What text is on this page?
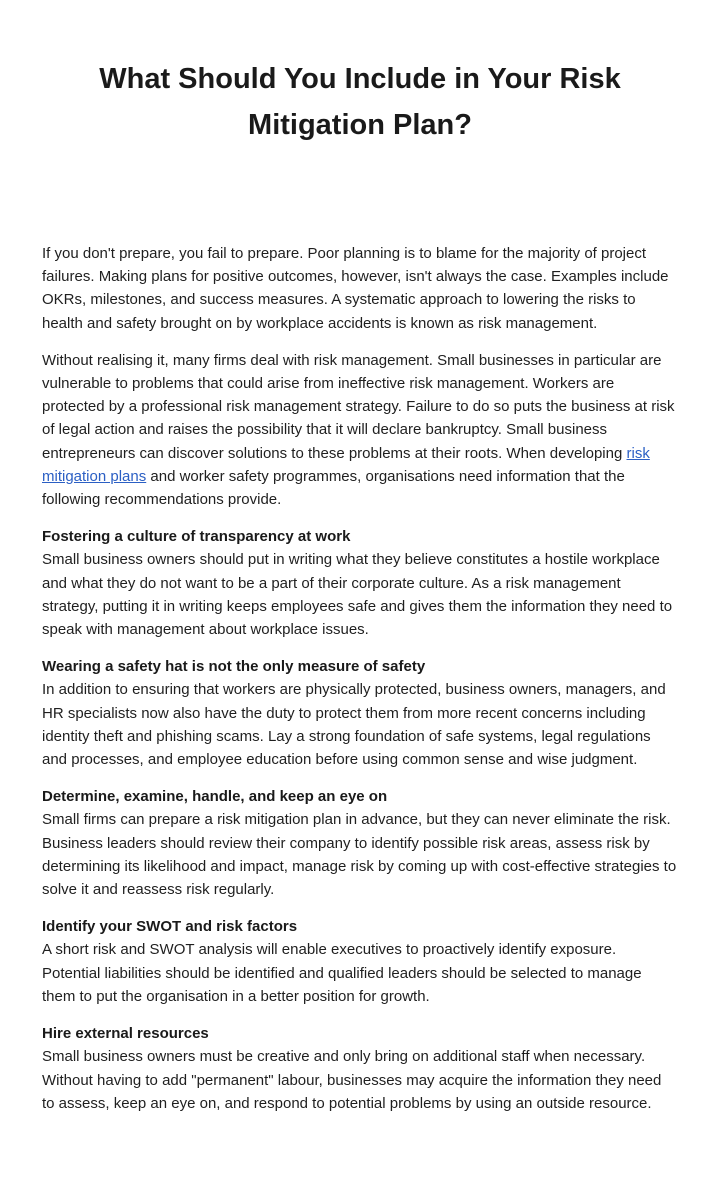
What Should You Include in Your Risk Mitigation Plan?

If you don't prepare, you fail to prepare. Poor planning is to blame for the majority of project failures. Making plans for positive outcomes, however, isn't always the case. Examples include OKRs, milestones, and success measures. A systematic approach to lowering the risks to health and safety brought on by workplace accidents is known as risk management.

Without realising it, many firms deal with risk management. Small businesses in particular are vulnerable to problems that could arise from ineffective risk management. Workers are protected by a professional risk management strategy. Failure to do so puts the business at risk of legal action and raises the possibility that it will declare bankruptcy. Small business entrepreneurs can discover solutions to these problems at their roots. When developing risk mitigation plans and worker safety programmes, organisations need information that the following recommendations provide.

Fostering a culture of transparency at work

Small business owners should put in writing what they believe constitutes a hostile workplace and what they do not want to be a part of their corporate culture. As a risk management strategy, putting it in writing keeps employees safe and gives them the information they need to speak with management about workplace issues.

Wearing a safety hat is not the only measure of safety

In addition to ensuring that workers are physically protected, business owners, managers, and HR specialists now also have the duty to protect them from more recent concerns including identity theft and phishing scams. Lay a strong foundation of safe systems, legal regulations and processes, and employee education before using common sense and wise judgment.

Determine, examine, handle, and keep an eye on

Small firms can prepare a risk mitigation plan in advance, but they can never eliminate the risk. Business leaders should review their company to identify possible risk areas, assess risk by determining its likelihood and impact, manage risk by coming up with cost-effective strategies to solve it and reassess risk regularly.

Identify your SWOT and risk factors

A short risk and SWOT analysis will enable executives to proactively identify exposure. Potential liabilities should be identified and qualified leaders should be selected to manage them to put the organisation in a better position for growth.

Hire external resources

Small business owners must be creative and only bring on additional staff when necessary. Without having to add "permanent" labour, businesses may acquire the information they need to assess, keep an eye on, and respond to potential problems by using an outside resource.
